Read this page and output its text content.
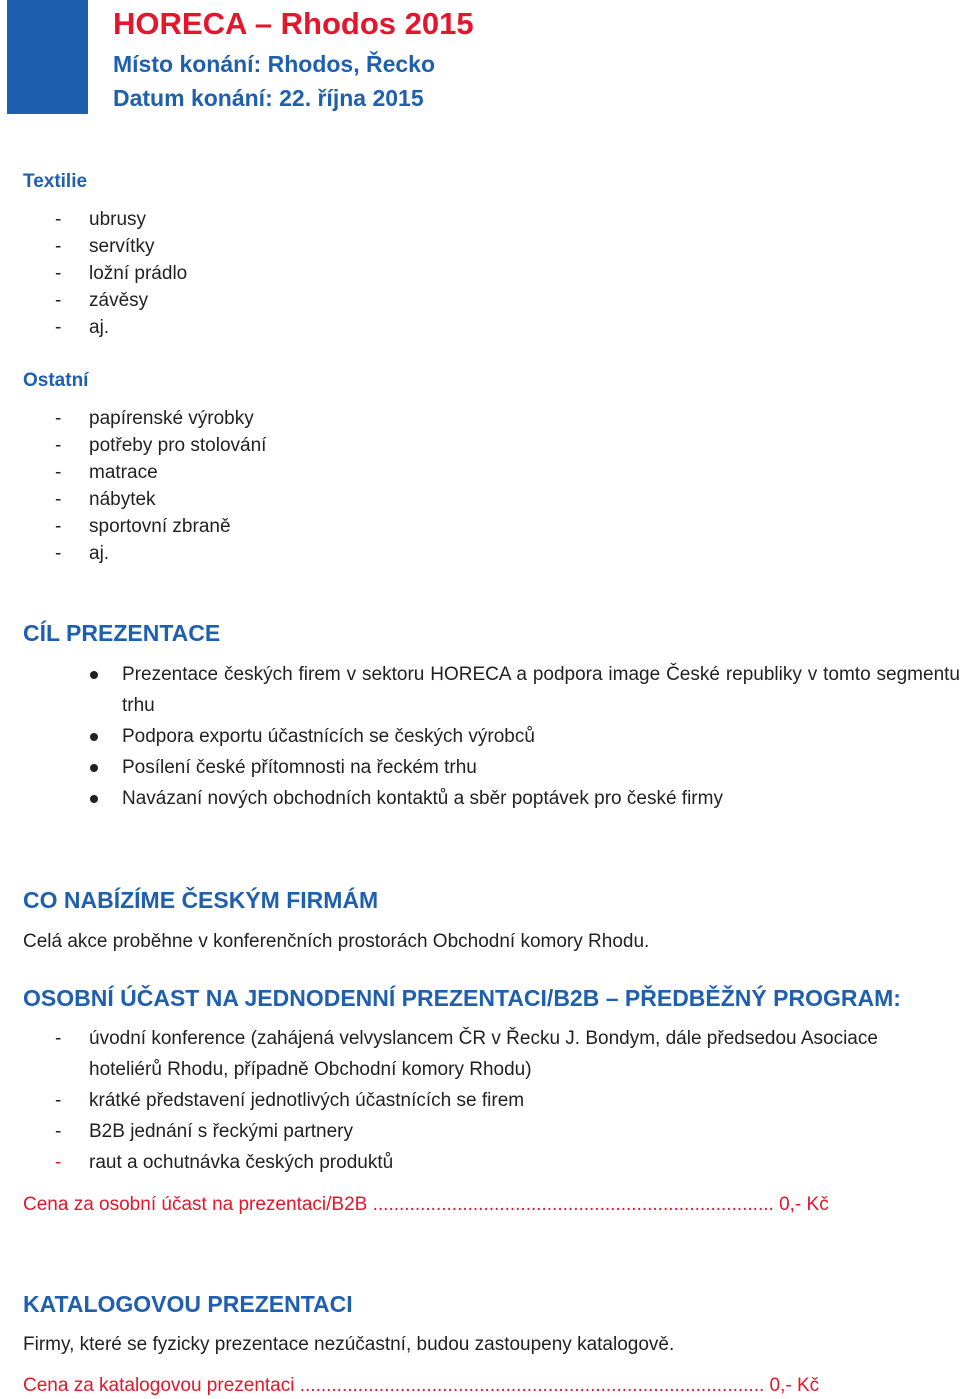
HORECA – Rhodos 2015
Místo konání: Rhodos, Řecko
Datum konání: 22. října 2015
Textilie
- ubrusy
- servítky
- ložní prádlo
- závěsy
- aj.
Ostatní
- papírenské výrobky
- potřeby pro stolování
- matrace
- nábytek
- sportovní zbraně
- aj.
CÍL PREZENTACE
Prezentace českých firem v sektoru HORECA a podpora image České republiky v tomto segmentu trhu
Podpora exportu účastnících se českých výrobců
Posílení české přítomnosti na řeckém trhu
Navázaní nových obchodních kontaktů a sběr poptávek pro české firmy
CO NABÍZÍME ČESKÝM FIRMÁM
Celá akce proběhne v konferenčních prostorách Obchodní komory Rhodu.
OSOBNÍ ÚČAST NA JEDNODENNÍ PREZENTACI/B2B – PŘEDBĚŽNÝ PROGRAM:
- úvodní konference (zahájená velvyslancem ČR v Řecku J. Bondym, dále předsedou Asociace hoteliérů Rhodu, případně Obchodní komory Rhodu)
- krátké představení jednotlivých účastnících se firem
- B2B jednání s řeckými partnery
- raut a ochutnávka českých produktů
Cena za osobní účast na prezentaci/B2B ............................................................................ 0,- Kč
KATALOGOVOU PREZENTACI
Firmy, které se fyzicky prezentace nezúčastní, budou zastoupeny katalogově.
Cena za katalogovou prezentaci ........................................................................................ 0,- Kč
